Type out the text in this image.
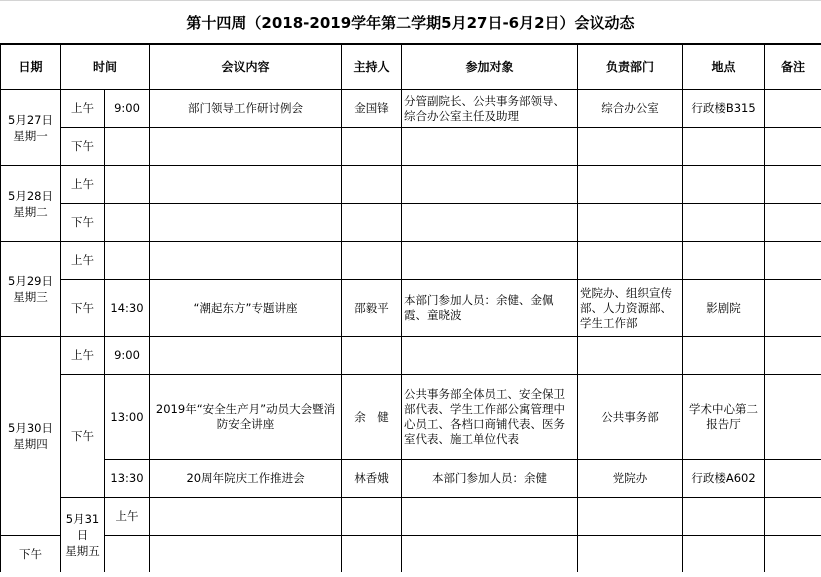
第十四周（2018-2019学年第二学期5月27日-6月2日）会议动态
日期	时间		会议内容	主持人	参加对象	负责部门	地点	备注	
5月27日
星期一	上午	9:00	部门领导工作研讨例会	金国锋	分管副院长、公共事务部领导、综合办公室主任及助理	综合办公室	行政楼B315		
	下午								
5月28日
星期二	上午								
	下午								
5月29日
星期三	上午								
	下午	14:30	“潮起东方”专题讲座	邵毅平	本部门参加人员：余健、金佩霞、童晓波	党院办、组织宣传部、人力资源部、学生工作部	影剧院		
5月30日
星期四	上午	9:00							
	下午	13:00	2019年“安全生产月”动员大会暨消防安全讲座	余　健	公共事务部全体员工、安全保卫部代表、学生工作部公寓管理中心员工、各档口商铺代表、医务室代表、施工单位代表	公共事务部	学术中心第二报告厅		
		13:30	20周年院庆工作推进会	林香娥	本部门参加人员：余健	党院办	行政楼A602		
	5月31日
星期五	上午							
下午									
